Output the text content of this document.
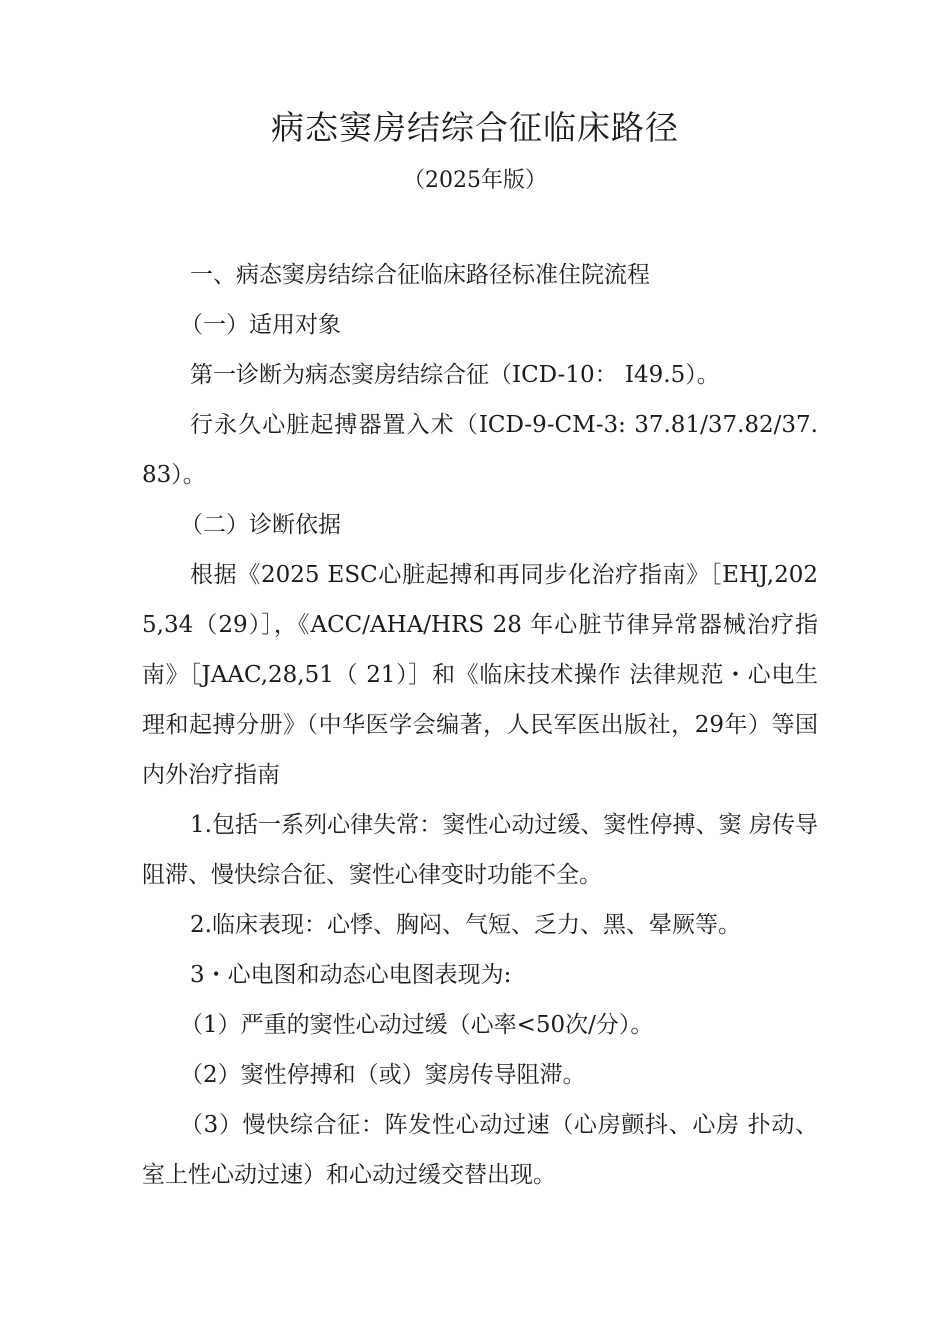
病态窦房结综合征临床路径
（2025年版）

一、病态窦房结综合征临床路径标准住院流程

（一）适用对象

第一诊断为病态窦房结综合征（ICD-10： I49.5）。

行永久心脏起搏器置入术（ICD-9-CM-3: 37.81/37.82/37.83）。

（二）诊断依据

根据《2025 ESC心脏起搏和再同步化治疗指南》［EHJ,2025,34（29）］，《ACC/AHA/HRS 28 年心脏节律异常器械治疗指南》［JAAC,28,51（ 21）］和《临床技术操作 法律规范・心电生理和起搏分册》（中华医学会编著，人民军医出版社，29年）等国内外治疗指南

1.包括一系列心律失常：窦性心动过缓、窦性停搏、窦 房传导阻滞、慢快综合征、窦性心律变时功能不全。

2.临床表现：心悸、胸闷、气短、乏力、黑、晕厥等。

3・心电图和动态心电图表现为:

（1）严重的窦性心动过缓（心率<50次/分）。

（2）窦性停搏和（或）窦房传导阻滞。

（3）慢快综合征：阵发性心动过速（心房颤抖、心房 扑动、室上性心动过速）和心动过缓交替出现。
